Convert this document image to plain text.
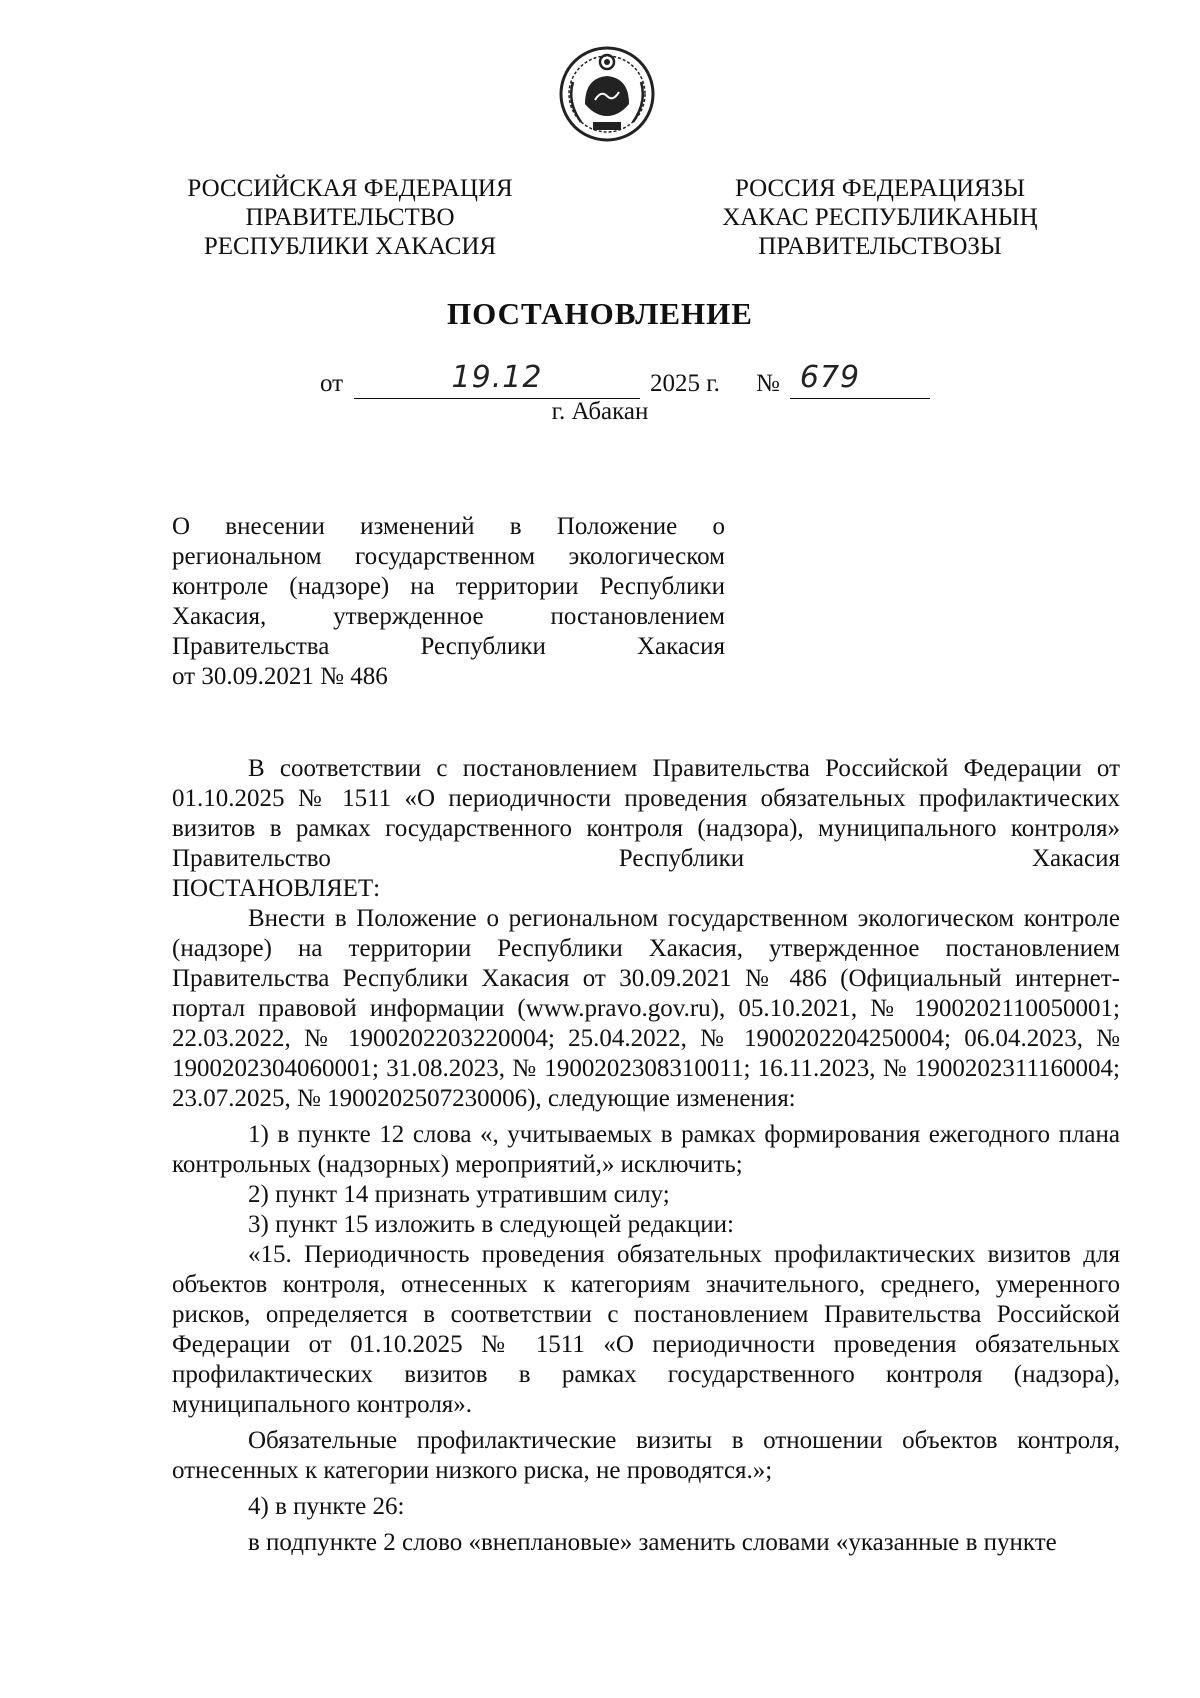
РОССИЙСКАЯ ФЕДЕРАЦИЯ
ПРАВИТЕЛЬСТВО
РЕСПУБЛИКИ ХАКАСИЯ
РОССИЯ ФЕДЕРАЦИЯЗЫ
ХАКАС РЕСПУБЛИКАНЫҢ
ПРАВИТЕЛЬСТВОЗЫ
ПОСТАНОВЛЕНИЕ
от	19.12	2025 г. № 679
г. Абакан

О внесении изменений в Положение о

региональном государственном экологическом

контроле (надзоре) на территории Республики

Хакасия, утвержденное постановлением

Правительства Республики Хакасия

от 30.09.2021 № 486

В соответствии с постановлением Правительства Российской Федерации от 01.10.2025 № 1511 «О периодичности проведения обязательных профилактических визитов в рамках государственного контроля (надзора), муниципального контроля» Правительство Республики Хакасия

ПОСТАНОВЛЯЕТ:

Внести в Положение о региональном государственном экологическом контроле (надзоре) на территории Республики Хакасия, утвержденное постановлением Правительства Республики Хакасия от 30.09.2021 № 486 (Официальный интернет-портал правовой информации (www.pravo.gov.ru), 05.10.2021, № 1900202110050001; 22.03.2022, № 1900202203220004; 25.04.2022, № 1900202204250004; 06.04.2023, № 1900202304060001; 31.08.2023, № 1900202308310011; 16.11.2023, № 1900202311160004; 23.07.2025, № 1900202507230006), следующие изменения:

1) в пункте 12 слова «, учитываемых в рамках формирования ежегодного плана контрольных (надзорных) мероприятий,» исключить;

2) пункт 14 признать утратившим силу;

3) пункт 15 изложить в следующей редакции:

«15. Периодичность проведения обязательных профилактических визитов для объектов контроля, отнесенных к категориям значительного, среднего, умеренного рисков, определяется в соответствии с постановлением Правительства Российской Федерации от 01.10.2025 № 1511 «О периодичности проведения обязательных профилактических визитов в рамках государственного контроля (надзора), муниципального контроля».

Обязательные профилактические визиты в отношении объектов контроля, отнесенных к категории низкого риска, не проводятся.»;

4) в пункте 26:

в подпункте 2 слово «внеплановые» заменить словами «указанные в пункте
